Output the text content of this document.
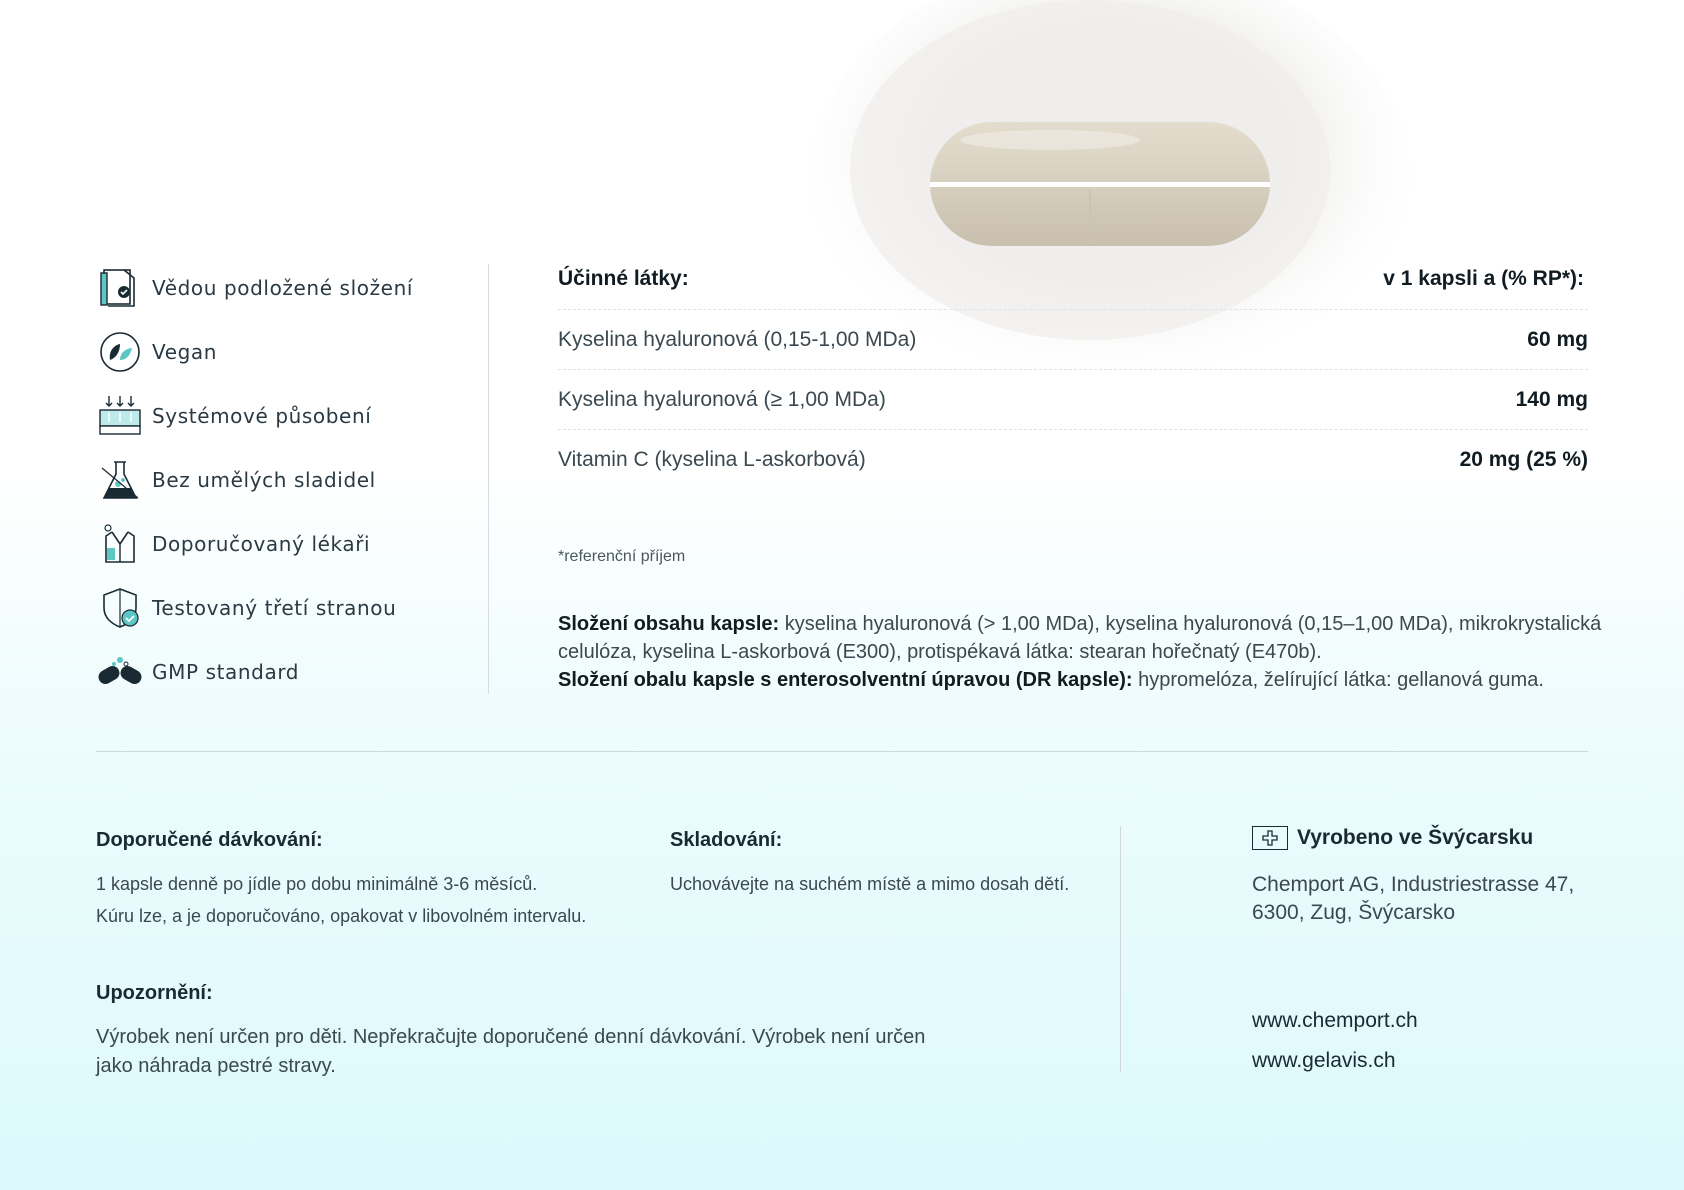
Vědou podložené složení
Vegan
Systémové působení
Bez umělých sladidel
Doporučovaný lékaři
Testovaný třetí stranou
GMP standard
Účinné látky:	v 1 kapsli a (% RP*):
Kyselina hyaluronová (0,15-1,00 MDa)	60 mg
Kyselina hyaluronová (≥ 1,00 MDa)	140 mg
Vitamin C (kyselina L-askorbová)	20 mg (25 %)
*referenční příjem
Složení obsahu kapsle: kyselina hyaluronová (> 1,00 MDa), kyselina hyaluronová (0,15–1,00 MDa), mikrokrystalická celulóza, kyselina L-askorbová (E300), protispékavá látka: stearan hořečnatý (E470b).
Složení obalu kapsle s enterosolventní úpravou (DR kapsle): hypromelóza, želírující látka: gellanová guma.
Doporučené dávkování:
1 kapsle denně po jídle po dobu minimálně 3-6 měsíců.
Kúru lze, a je doporučováno, opakovat v libovolném intervalu.
Skladování:
Uchovávejte na suchém místě a mimo dosah dětí.
Upozornění:
Výrobek není určen pro děti. Nepřekračujte doporučené denní dávkování. Výrobek není určen jako náhrada pestré stravy.
Vyrobeno ve Švýcarsku
Chemport AG, Industriestrasse 47,
6300, Zug, Švýcarsko
www.chemport.ch
www.gelavis.ch
